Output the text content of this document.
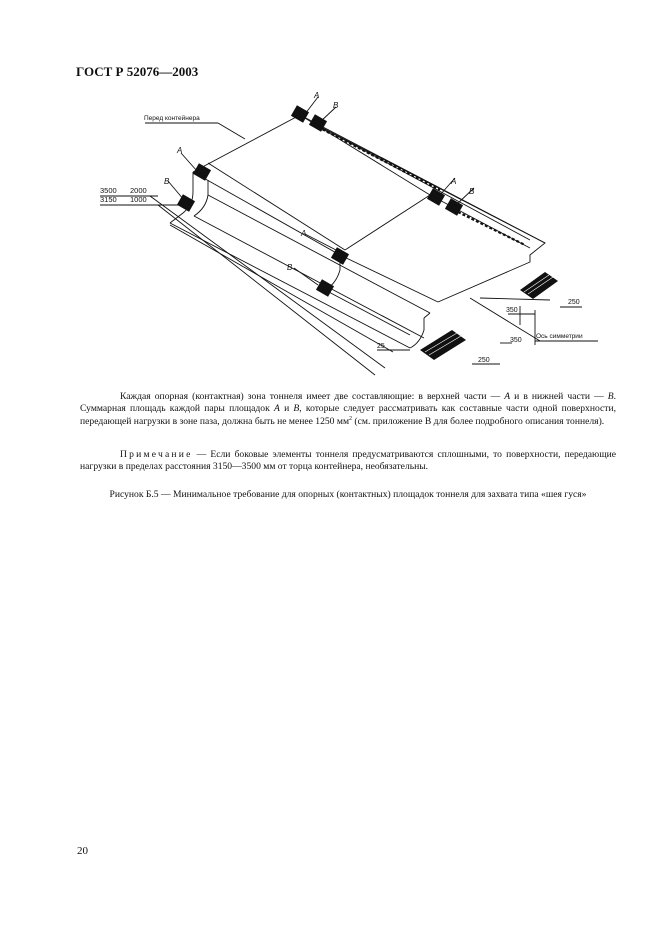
ГОСТ Р 52076—2003
Перед контейнера
Ось симметрии
3500
3150
2000
1000
25
350
250
350
250
A
B
A
B
A
B
A
B
Каждая опорная (контактная) зона тоннеля имеет две составляющие: в верхней части — A и в нижней части — B. Суммарная площадь каждой пары площадок A и B, которые следует рассматривать как составные части одной поверхности, передающей нагрузки в зоне паза, должна быть не менее 1250 $мм^2$ (см. приложение В для более подробного описания тоннеля).
Примечание — Если боковые элементы тоннеля предусматриваются сплошными, то поверхности, передающие нагрузки в пределах расстояния 3150—3500 мм от торца контейнера, необязательны.
Рисунок Б.5 — Минимальное требование для опорных (контактных) площадок тоннеля для захвата типа «шея гуся»
20
